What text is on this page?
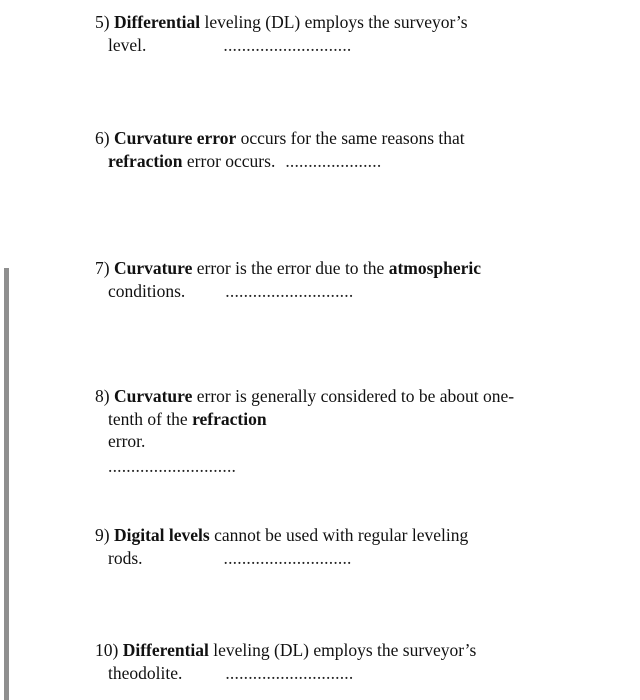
5) Differential leveling (DL) employs the surveyor’s
level.	............................
6) Curvature error occurs for the same reasons that
refraction error occurs. .....................
7) Curvature error is the error due to the atmospheric
conditions. ............................
8) Curvature error is generally considered to be about one-
tenth of the refraction
error.
............................
9) Digital levels cannot be used with regular leveling
rods.	............................
10) Differential leveling (DL) employs the surveyor’s
theodolite. ............................
